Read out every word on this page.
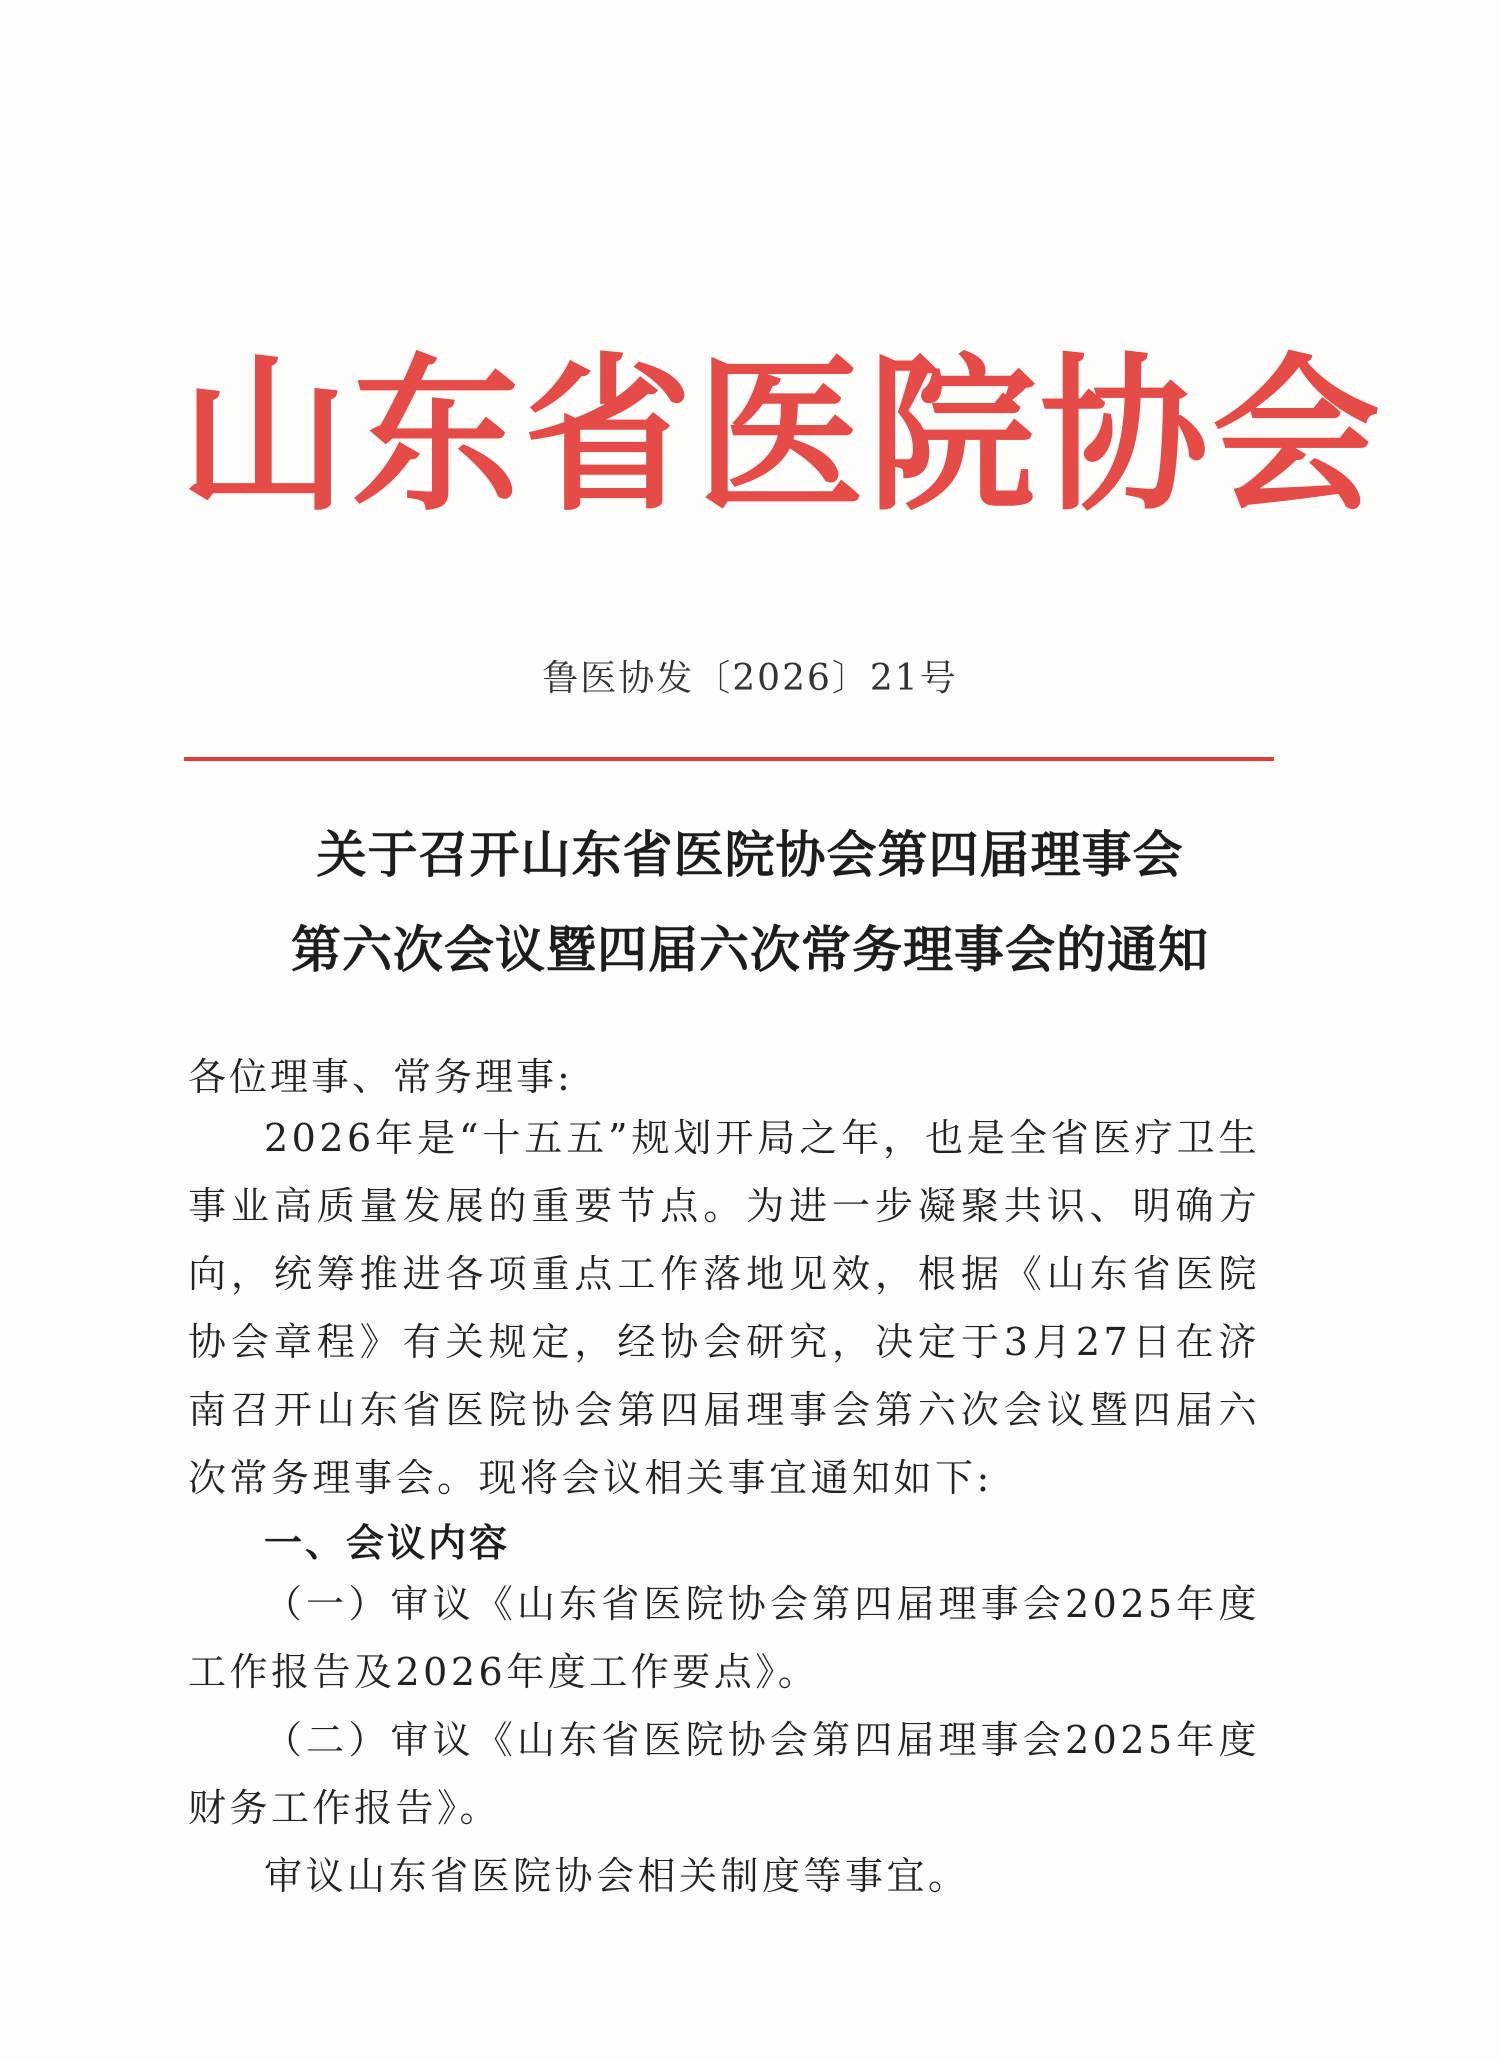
山东省医院协会
鲁医协发〔2026〕21号
关于召开山东省医院协会第四届理事会
第六次会议暨四届六次常务理事会的通知
各位理事、常务理事:

2026年是“十五五”规划开局之年，也是全省医疗卫生事业高质量发展的重要节点。为进一步凝聚共识、明确方向，统筹推进各项重点工作落地见效，根据《山东省医院协会章程》有关规定，经协会研究，决定于3月27日在济南召开山东省医院协会第四届理事会第六次会议暨四届六次常务理事会。现将会议相关事宜通知如下:

一、会议内容

（一）审议《山东省医院协会第四届理事会2025年度工作报告及2026年度工作要点》。

（二）审议《山东省医院协会第四届理事会2025年度财务工作报告》。

审议山东省医院协会相关制度等事宜。
